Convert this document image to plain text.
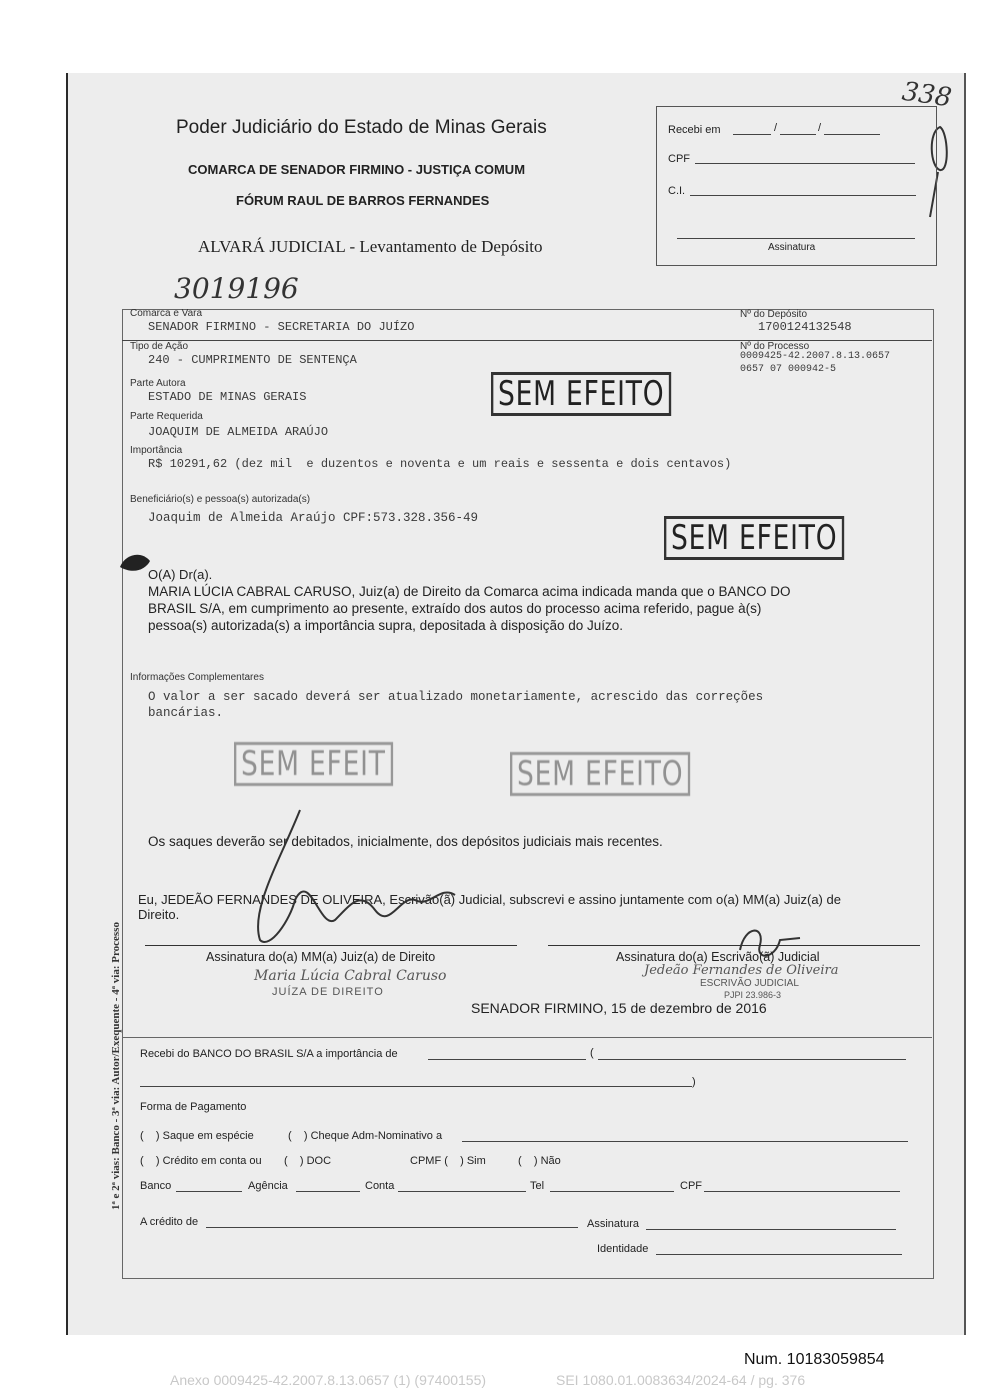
338
Poder Judiciário do Estado de Minas Gerais
COMARCA DE SENADOR FIRMINO - JUSTIÇA COMUM
FÓRUM RAUL DE BARROS FERNANDES
ALVARÁ JUDICIAL - Levantamento de Depósito
3019196
Recebi em	/	/
CPF
C.I.
Assinatura
Comarca e Vara
SENADOR FIRMINO - SECRETARIA DO JUÍZO
Nº do Depósito
1700124132548
Tipo de Ação
240 - CUMPRIMENTO DE SENTENÇA
Nº do Processo
0009425-42.2007.8.13.0657
0657 07 000942-5
Parte Autora
ESTADO DE MINAS GERAIS	SEM EFEITO
Parte Requerida
JOAQUIM DE ALMEIDA ARAÚJO
Importância
R$ 10291,62 (dez mil  e duzentos e noventa e um reais e sessenta e dois centavos)
Beneficiário(s) e pessoa(s) autorizada(s)
Joaquim de Almeida Araújo CPF:573.328.356-49	SEM EFEITO
O(A) Dr(a).
MARIA LÚCIA CABRAL CARUSO, Juiz(a) de Direito da Comarca acima indicada manda que o BANCO DO
BRASIL S/A, em cumprimento ao presente, extraído dos autos do processo acima referido, pague à(s)
pessoa(s) autorizada(s) a importância supra, depositada à disposição do Juízo.
Informações Complementares
O valor a ser sacado deverá ser atualizado monetariamente, acrescido das correções
bancárias.
SEM EFEIT	SEM EFEITO
Os saques deverão ser debitados, inicialmente, dos depósitos judiciais mais recentes.
Eu, JEDEÃO FERNANDES DE OLIVEIRA, Escrivão(ã) Judicial, subscrevi e assino juntamente com o(a) MM(a) Juiz(a) de
Direito.
Assinatura do(a) MM(a) Juiz(a) de Direito	Assinatura do(a) Escrivão(ã) Judicial
Maria Lúcia Cabral Caruso
JUÍZA DE DIREITO
Jedeão Fernandes de Oliveira
ESCRIVÃO JUDICIAL
PJPI 23.986-3
SENADOR FIRMINO, 15 de dezembro de 2016
Recebi do BANCO DO BRASIL S/A a importância de	(
)
Forma de Pagamento
(    ) Saque em espécie	(    ) Cheque Adm-Nominativo a
(    ) Crédito em conta ou (    ) DOC	CPMF (    ) Sim	(    ) Não
Banco	Agência	Conta	Tel	CPF
A crédito de	Assinatura
Identidade
1ª e 2ª vias: Banco - 3ª via: Autor/Exequente - 4ª via: Processo
Num. 10183059854
Anexo 0009425-42.2007.8.13.0657 (1) (97400155)	SEI 1080.01.0083634/2024-64 / pg. 376
